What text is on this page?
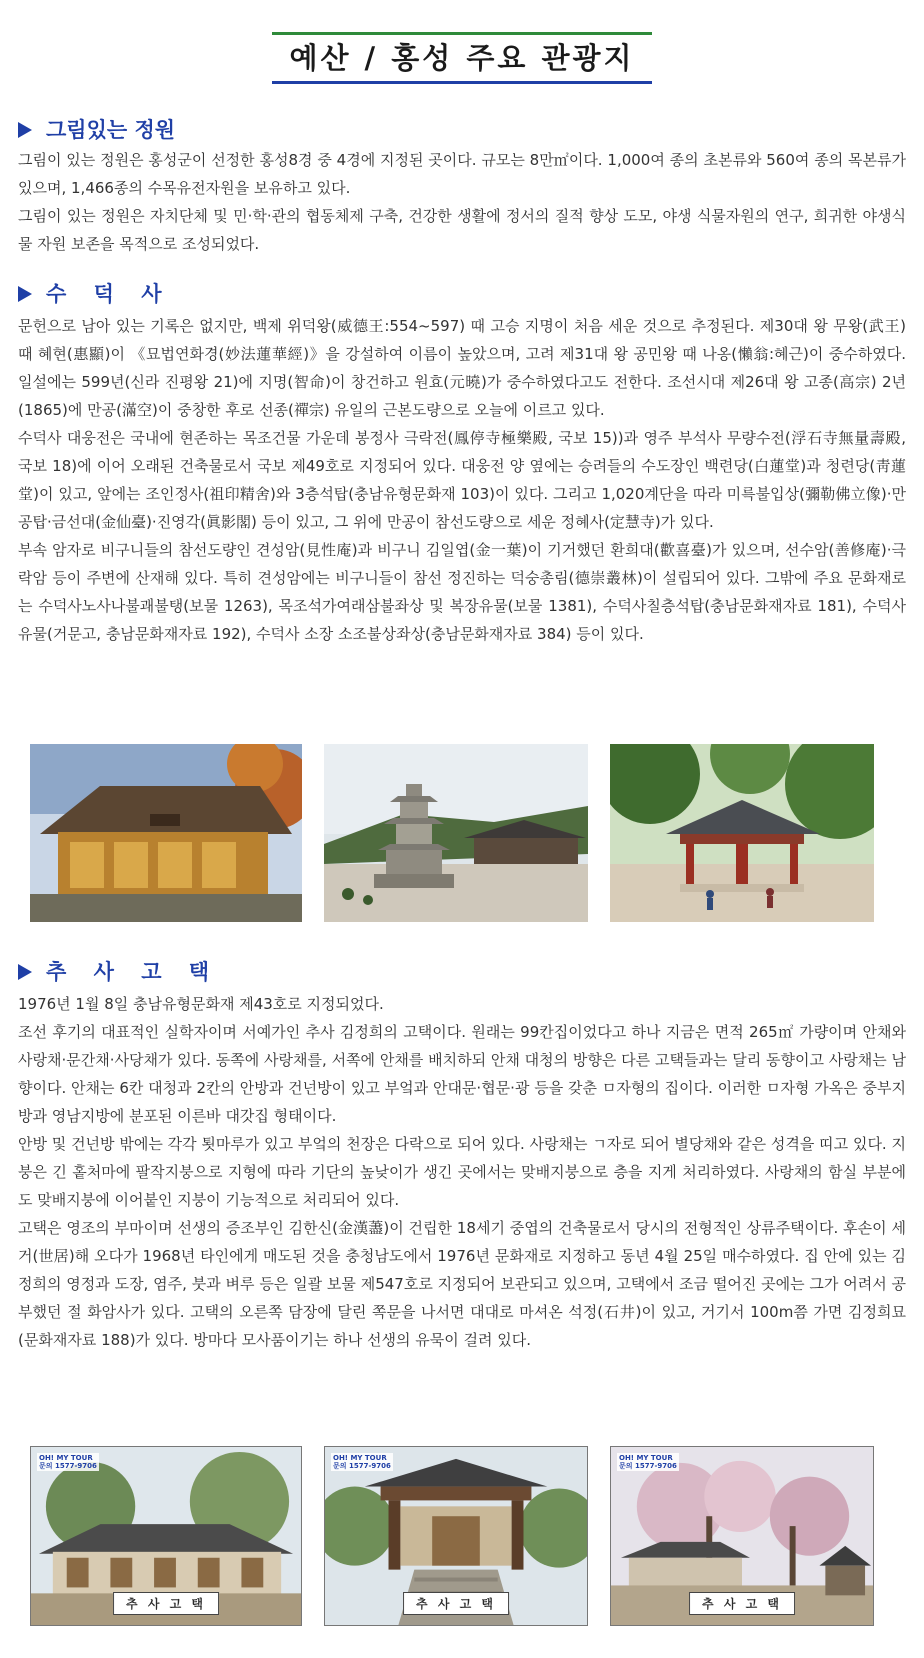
예산 / 홍성 주요 관광지
그림있는 정원

그림이 있는 정원은 홍성군이 선정한 홍성8경 중 4경에 지정된 곳이다. 규모는 8만㎡이다. 1,000여 종의 초본류와 560여 종의 목본류가 있으며, 1,466종의 수목유전자원을 보유하고 있다.

그림이 있는 정원은 자치단체 및 민·학·관의 협동체제 구축, 건강한 생활에 정서의 질적 향상 도모, 야생 식물자원의 연구, 희귀한 야생식물 자원 보존을 목적으로 조성되었다.

수 덕 사

문헌으로 남아 있는 기록은 없지만, 백제 위덕왕(威德王:554~597) 때 고승 지명이 처음 세운 것으로 추정된다. 제30대 왕 무왕(武王) 때 혜현(惠顯)이 《묘법연화경(妙法蓮華經)》을 강설하여 이름이 높았으며, 고려 제31대 왕 공민왕 때 나옹(懶翁:혜근)이 중수하였다. 일설에는 599년(신라 진평왕 21)에 지명(智命)이 창건하고 원효(元曉)가 중수하였다고도 전한다. 조선시대 제26대 왕 고종(高宗) 2년(1865)에 만공(滿空)이 중창한 후로 선종(禪宗) 유일의 근본도량으로 오늘에 이르고 있다.

수덕사 대웅전은 국내에 현존하는 목조건물 가운데 봉정사 극락전(鳳停寺極樂殿, 국보 15))과 영주 부석사 무량수전(浮石寺無量壽殿, 국보 18)에 이어 오래된 건축물로서 국보 제49호로 지정되어 있다. 대웅전 양 옆에는 승려들의 수도장인 백련당(白蓮堂)과 청련당(靑蓮堂)이 있고, 앞에는 조인정사(祖印精舍)와 3층석탑(충남유형문화재 103)이 있다. 그리고 1,020계단을 따라 미륵불입상(彌勒佛立像)·만공탑·금선대(金仙臺)·진영각(眞影閣) 등이 있고, 그 위에 만공이 참선도량으로 세운 정혜사(定慧寺)가 있다.

부속 암자로 비구니들의 참선도량인 견성암(見性庵)과 비구니 김일엽(金一葉)이 기거했던 환희대(歡喜臺)가 있으며, 선수암(善修庵)·극락암 등이 주변에 산재해 있다. 특히 견성암에는 비구니들이 참선 정진하는 덕숭총림(德崇叢林)이 설립되어 있다. 그밖에 주요 문화재로는 수덕사노사나불괘불탱(보물 1263), 목조석가여래삼불좌상 및 복장유물(보물 1381), 수덕사칠층석탑(충남문화재자료 181), 수덕사유물(거문고, 충남문화재자료 192), 수덕사 소장 소조불상좌상(충남문화재자료 384) 등이 있다.

추 사 고 택

1976년 1월 8일 충남유형문화재 제43호로 지정되었다.

조선 후기의 대표적인 실학자이며 서예가인 추사 김정희의 고택이다. 원래는 99칸집이었다고 하나 지금은 면적 265㎡ 가량이며 안채와 사랑채·문간채·사당채가 있다. 동쪽에 사랑채를, 서쪽에 안채를 배치하되 안채 대청의 방향은 다른 고택들과는 달리 동향이고 사랑채는 남향이다. 안채는 6칸 대청과 2칸의 안방과 건넌방이 있고 부엌과 안대문·협문·광 등을 갖춘 ㅁ자형의 집이다. 이러한 ㅁ자형 가옥은 중부지방과 영남지방에 분포된 이른바 대갓집 형태이다.

안방 및 건넌방 밖에는 각각 툇마루가 있고 부엌의 천장은 다락으로 되어 있다. 사랑채는 ㄱ자로 되어 별당채와 같은 성격을 띠고 있다. 지붕은 긴 홑처마에 팔작지붕으로 지형에 따라 기단의 높낮이가 생긴 곳에서는 맞배지붕으로 층을 지게 처리하였다. 사랑채의 함실 부분에도 맞배지붕에 이어붙인 지붕이 기능적으로 처리되어 있다.

고택은 영조의 부마이며 선생의 증조부인 김한신(金漢藎)이 건립한 18세기 중엽의 건축물로서 당시의 전형적인 상류주택이다. 후손이 세거(世居)해 오다가 1968년 타인에게 매도된 것을 충청남도에서 1976년 문화재로 지정하고 동년 4월 25일 매수하였다. 집 안에 있는 김정희의 영정과 도장, 염주, 붓과 벼루 등은 일괄 보물 제547호로 지정되어 보관되고 있으며, 고택에서 조금 떨어진 곳에는 그가 어려서 공부했던 절 화암사가 있다. 고택의 오른쪽 담장에 달린 쪽문을 나서면 대대로 마셔온 석정(石井)이 있고, 거기서 100m쯤 가면 김정희묘(문화재자료 188)가 있다. 방마다 모사품이기는 하나 선생의 유묵이 걸려 있다.

OH! MY TOUR
문의 1577-9706
추 사 고 택
OH! MY TOUR
문의 1577-9706
추 사 고 택
OH! MY TOUR
문의 1577-9706
추 사 고 택
